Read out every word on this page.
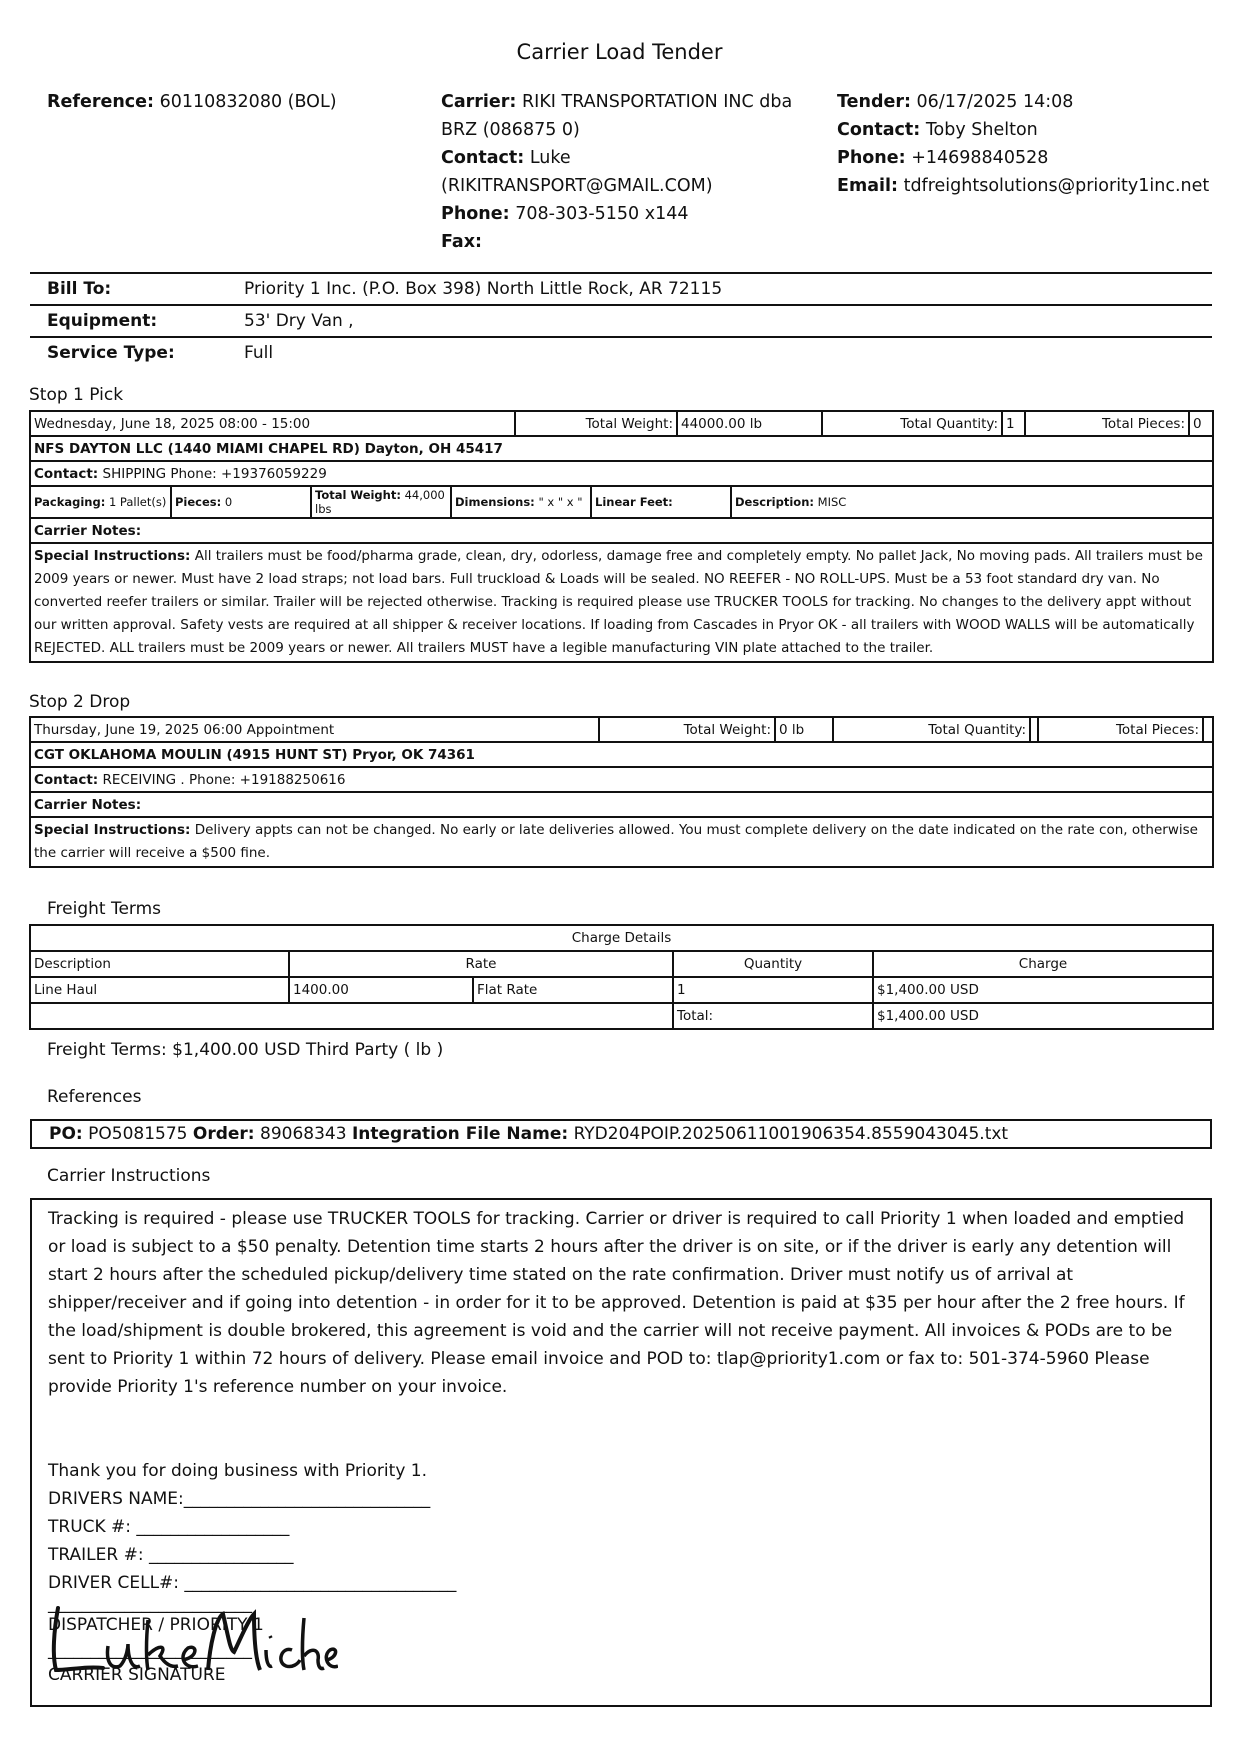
Carrier Load Tender
Reference: 60110832080 (BOL)	Carrier: RIKI TRANSPORTATION INC dba
BRZ (086875 0)
Contact: Luke
(RIKITRANSPORT@GMAIL.COM)
Phone: 708-303-5150 x144
Fax:
Tender: 06/17/2025 14:08
Contact: Toby Shelton
Phone: +14698840528
Email: tdfreightsolutions@priority1inc.net
Bill To:	Priority 1 Inc. (P.O. Box 398) North Little Rock, AR 72115
Equipment:	53' Dry Van ,
Service Type:	Full
Stop 1 Pick
Wednesday, June 18, 2025 08:00 - 15:00	Total Weight:	44000.00 lb	Total Quantity:	1	Total Pieces:	0
NFS DAYTON LLC (1440 MIAMI CHAPEL RD) Dayton, OH 45417
Contact: SHIPPING Phone: +19376059229

Packaging: 1 Pallet(s)	Pieces: 0	Total Weight: 44,000 lbs	Dimensions: " x " x "	Linear Feet:	Description: MISC

Carrier Notes:
Special Instructions: All trailers must be food/pharma grade, clean, dry, odorless, damage free and completely empty. No pallet Jack, No moving pads. All trailers must be 2009 years or newer. Must have 2 load straps; not load bars. Full truckload & Loads will be sealed. NO REEFER - NO ROLL-UPS. Must be a 53 foot standard dry van. No converted reefer trailers or similar. Trailer will be rejected otherwise. Tracking is required please use TRUCKER TOOLS for tracking. No changes to the delivery appt without our written approval. Safety vests are required at all shipper & receiver locations. If loading from Cascades in Pryor OK - all trailers with WOOD WALLS will be automatically REJECTED. ALL trailers must be 2009 years or newer. All trailers MUST have a legible manufacturing VIN plate attached to the trailer.
Stop 2 Drop
Thursday, June 19, 2025 06:00 Appointment	Total Weight:	0 lb	Total Quantity:		Total Pieces:	
CGT OKLAHOMA MOULIN (4915 HUNT ST) Pryor, OK 74361
Contact: RECEIVING . Phone: +19188250616
Carrier Notes:
Special Instructions: Delivery appts can not be changed. No early or late deliveries allowed. You must complete delivery on the date indicated on the rate con, otherwise the carrier will receive a $500 fine.
Freight Terms
Charge Details				
Description	Rate		Quantity	Charge
Line Haul	1400.00	Flat Rate	1	$1,400.00 USD
			Total:	$1,400.00 USD
Freight Terms: $1,400.00 USD Third Party ( lb )
References
PO:
PO5081575
Order:
89068343
Integration File Name:
RYD204POIP.20250611001906354.8559043045.txt
Carrier Instructions

Tracking is required - please use TRUCKER TOOLS for tracking. Carrier or driver is required to call Priority 1 when loaded and emptied or load is subject to a $50 penalty. Detention time starts 2 hours after the driver is on site, or if the driver is early any detention will start 2 hours after the scheduled pickup/delivery time stated on the rate confirmation. Driver must notify us of arrival at shipper/receiver and if going into detention - in order for it to be approved. Detention is paid at $35 per hour after the 2 free hours. If the load/shipment is double brokered, this agreement is void and the carrier will not receive payment. All invoices & PODs are to be sent to Priority 1 within 72 hours of delivery. Please email invoice and POD to: tlap@priority1.com or fax to: 501-374-5960 Please provide Priority 1's reference number on your invoice.

Thank you for doing business with Priority 1.

DRIVERS NAME:_____________________________

TRUCK #: __________________

TRAILER #: _________________

DRIVER CELL#: ________________________________

________________________

DISPATCHER / PRIORITY 1

________________________

CARRIER SIGNATURE
